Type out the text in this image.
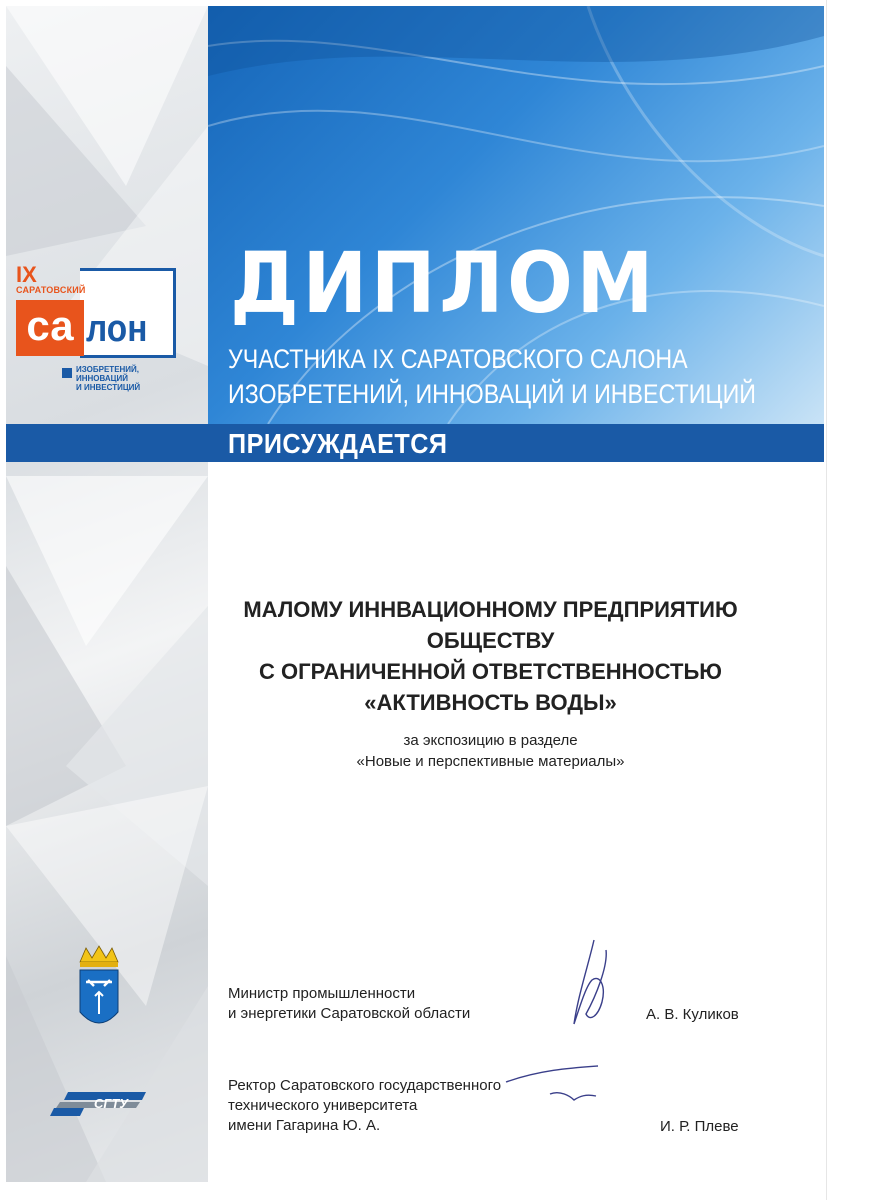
ДИПЛОМ
УЧАСТНИКА IX САРАТОВСКОГО САЛОНА
ИЗОБРЕТЕНИЙ, ИННОВАЦИЙ И ИНВЕСТИЦИЙ
ПРИСУЖДАЕТСЯ
IX
САРАТОВСКИЙ
са лон
ИЗОБРЕТЕНИЙ, ИННОВАЦИЙ
И ИНВЕСТИЦИЙ
МАЛОМУ ИННВАЦИОННОМУ ПРЕДПРИЯТИЮ
ОБЩЕСТВУ
С ОГРАНИЧЕННОЙ ОТВЕТСТВЕННОСТЬЮ
«АКТИВНОСТЬ ВОДЫ»
за экспозицию в разделе
«Новые и перспективные материалы»
Министр промышленности
и энергетики Саратовской области	А. В. Куликов
Ректор Саратовского государственного
технического университета
имени Гагарина Ю. А.	И. Р. Плеве
СГТУ
